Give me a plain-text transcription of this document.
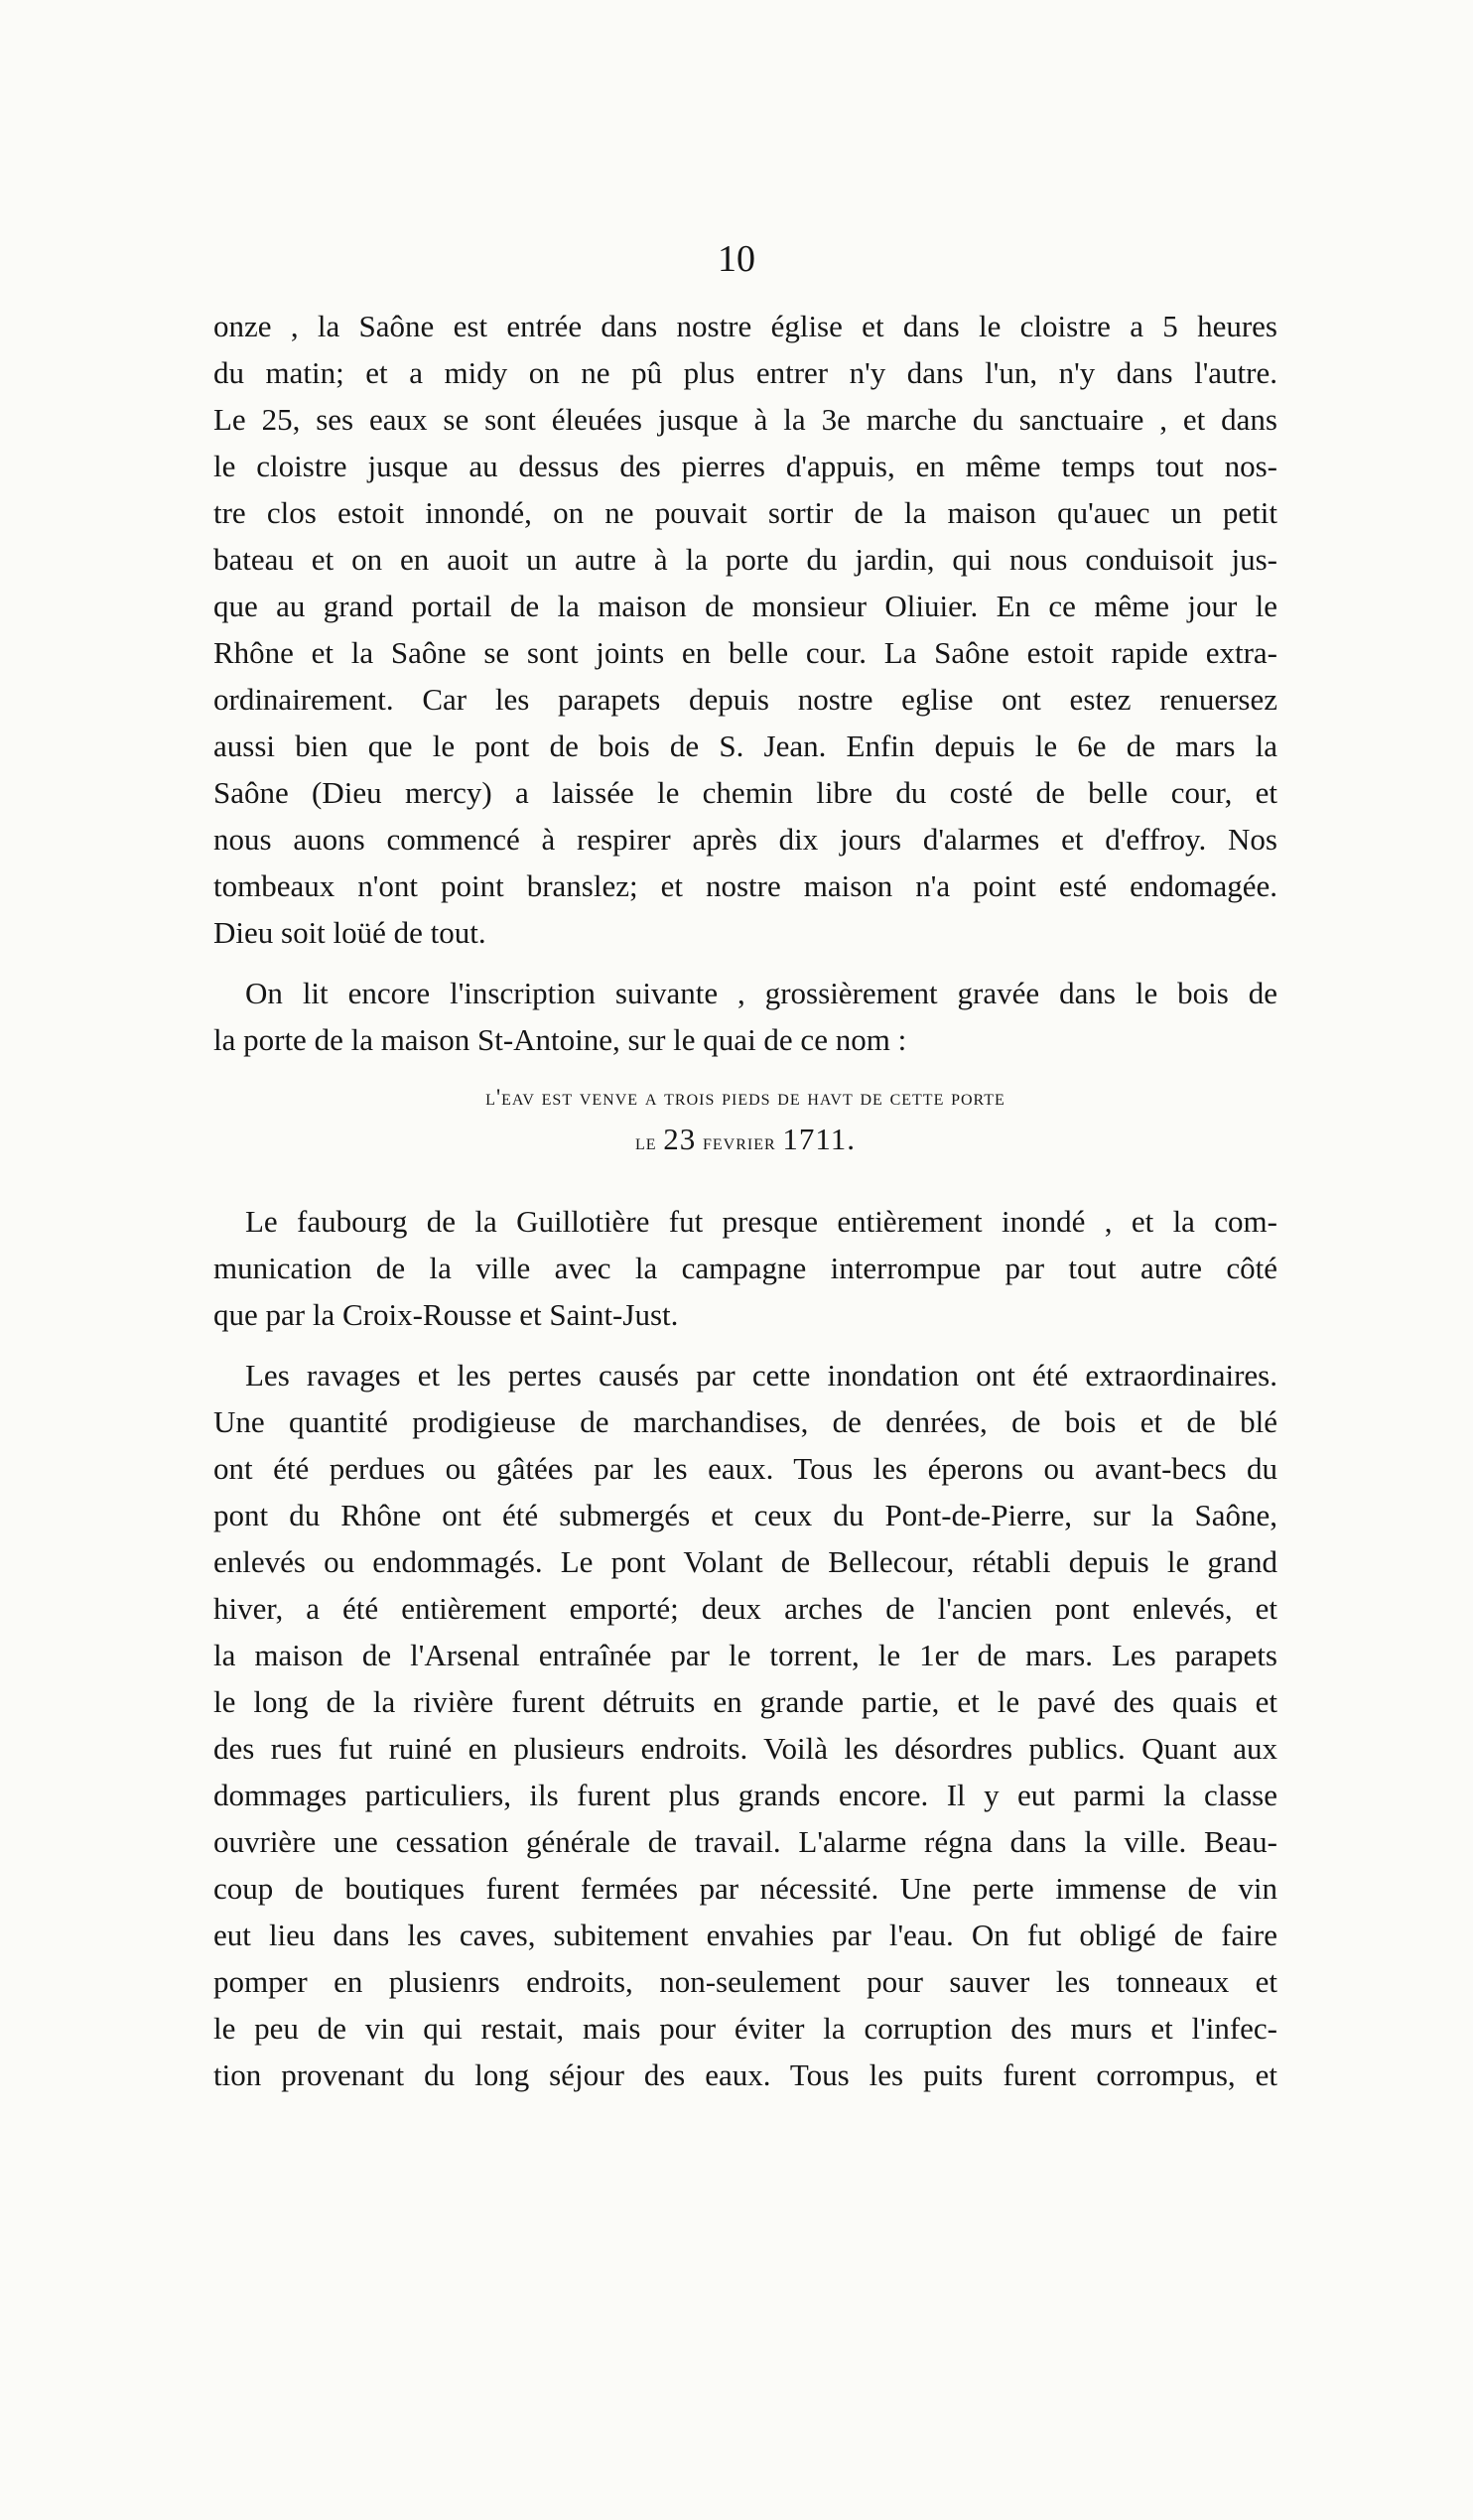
10
onze , la Saône est entrée dans nostre église et dans le cloistre a 5 heures
du matin; et a midy on ne pû plus entrer n'y dans l'un, n'y dans l'autre.
Le 25, ses eaux se sont éleuées jusque à la 3e marche du sanctuaire , et dans
le cloistre jusque au dessus des pierres d'appuis, en même temps tout nos-
tre clos estoit innondé, on ne pouvait sortir de la maison qu'auec un petit
bateau et on en auoit un autre à la porte du jardin, qui nous conduisoit jus-
que au grand portail de la maison de monsieur Oliuier. En ce même jour le
Rhône et la Saône se sont joints en belle cour. La Saône estoit rapide extra-
ordinairement. Car les parapets depuis nostre eglise ont estez renuersez
aussi bien que le pont de bois de S. Jean. Enfin depuis le 6e de mars la
Saône (Dieu mercy) a laissée le chemin libre du costé de belle cour, et
nous auons commencé à respirer après dix jours d'alarmes et d'effroy. Nos
tombeaux n'ont point branslez; et nostre maison n'a point esté endomagée.
Dieu soit loüé de tout.
On lit encore l'inscription suivante , grossièrement gravée dans le bois de
la porte de la maison St-Antoine, sur le quai de ce nom :
l'eav est venve a trois pieds de havt de cette porte
le 23 fevrier 1711.
Le faubourg de la Guillotière fut presque entièrement inondé , et la com-
munication de la ville avec la campagne interrompue par tout autre côté
que par la Croix-Rousse et Saint-Just.
Les ravages et les pertes causés par cette inondation ont été extraordinaires.
Une quantité prodigieuse de marchandises, de denrées, de bois et de blé
ont été perdues ou gâtées par les eaux. Tous les éperons ou avant-becs du
pont du Rhône ont été submergés et ceux du Pont-de-Pierre, sur la Saône,
enlevés ou endommagés. Le pont Volant de Bellecour, rétabli depuis le grand
hiver, a été entièrement emporté; deux arches de l'ancien pont enlevés, et
la maison de l'Arsenal entraînée par le torrent, le 1er de mars. Les parapets
le long de la rivière furent détruits en grande partie, et le pavé des quais et
des rues fut ruiné en plusieurs endroits. Voilà les désordres publics. Quant aux
dommages particuliers, ils furent plus grands encore. Il y eut parmi la classe
ouvrière une cessation générale de travail. L'alarme régna dans la ville. Beau-
coup de boutiques furent fermées par nécessité. Une perte immense de vin
eut lieu dans les caves, subitement envahies par l'eau. On fut obligé de faire
pomper en plusienrs endroits, non-seulement pour sauver les tonneaux et
le peu de vin qui restait, mais pour éviter la corruption des murs et l'infec-
tion provenant du long séjour des eaux. Tous les puits furent corrompus, et
